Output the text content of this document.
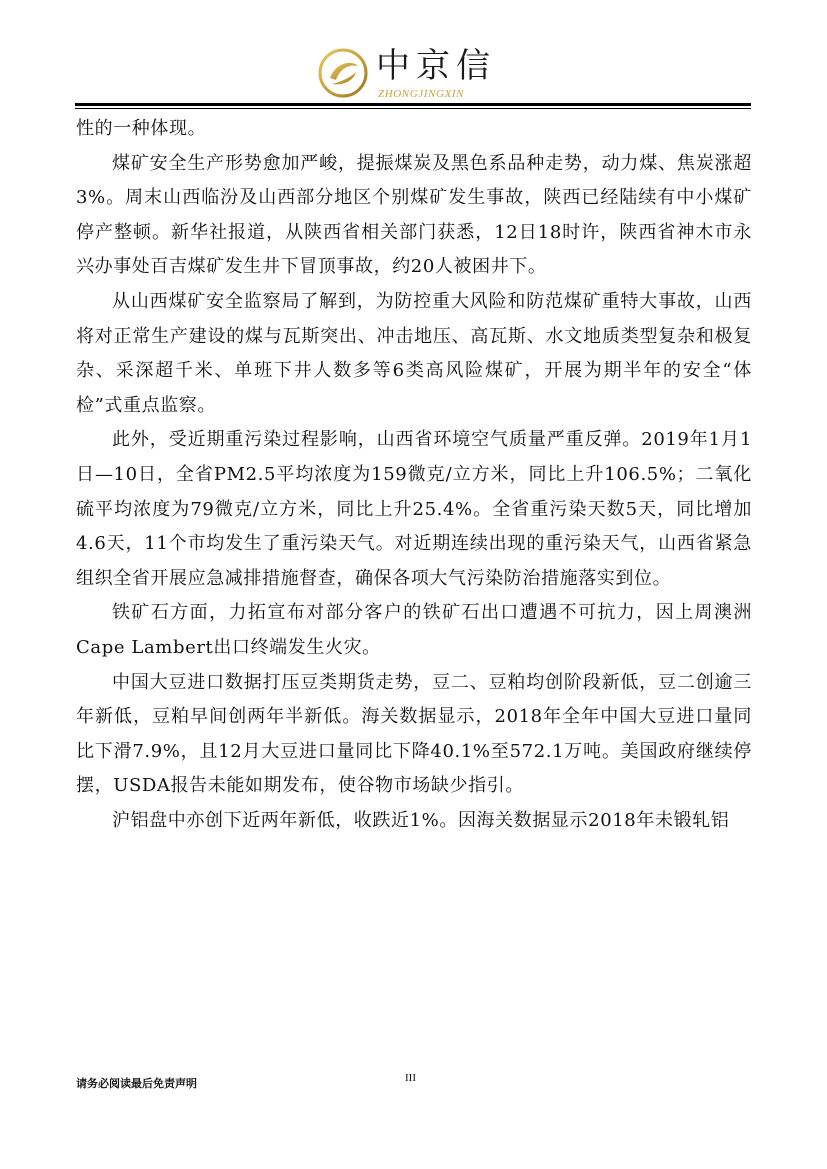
中京信
ZHONGJINGXIN

性的一种体现。

煤矿安全生产形势愈加严峻，提振煤炭及黑色系品种走势，动力煤、焦炭涨超3%。周末山西临汾及山西部分地区个别煤矿发生事故，陕西已经陆续有中小煤矿停产整顿。新华社报道，从陕西省相关部门获悉，12日18时许，陕西省神木市永兴办事处百吉煤矿发生井下冒顶事故，约20人被困井下。

从山西煤矿安全监察局了解到，为防控重大风险和防范煤矿重特大事故，山西将对正常生产建设的煤与瓦斯突出、冲击地压、高瓦斯、水文地质类型复杂和极复杂、采深超千米、单班下井人数多等6类高风险煤矿，开展为期半年的安全“体检”式重点监察。

此外，受近期重污染过程影响，山西省环境空气质量严重反弹。2019年1月1日—10日，全省PM2.5平均浓度为159微克/立方米，同比上升106.5%；二氧化硫平均浓度为79微克/立方米，同比上升25.4%。全省重污染天数5天，同比增加4.6天，11个市均发生了重污染天气。对近期连续出现的重污染天气，山西省紧急组织全省开展应急减排措施督查，确保各项大气污染防治措施落实到位。

铁矿石方面，力拓宣布对部分客户的铁矿石出口遭遇不可抗力，因上周澳洲Cape Lambert出口终端发生火灾。

中国大豆进口数据打压豆类期货走势，豆二、豆粕均创阶段新低，豆二创逾三年新低，豆粕早间创两年半新低。海关数据显示，2018年全年中国大豆进口量同比下滑7.9%，且12月大豆进口量同比下降40.1%至572.1万吨。美国政府继续停摆，USDA报告未能如期发布，使谷物市场缺少指引。

沪铝盘中亦创下近两年新低，收跌近1%。因海关数据显示2018年未锻轧铝

请务必阅读最后免责声明	III
